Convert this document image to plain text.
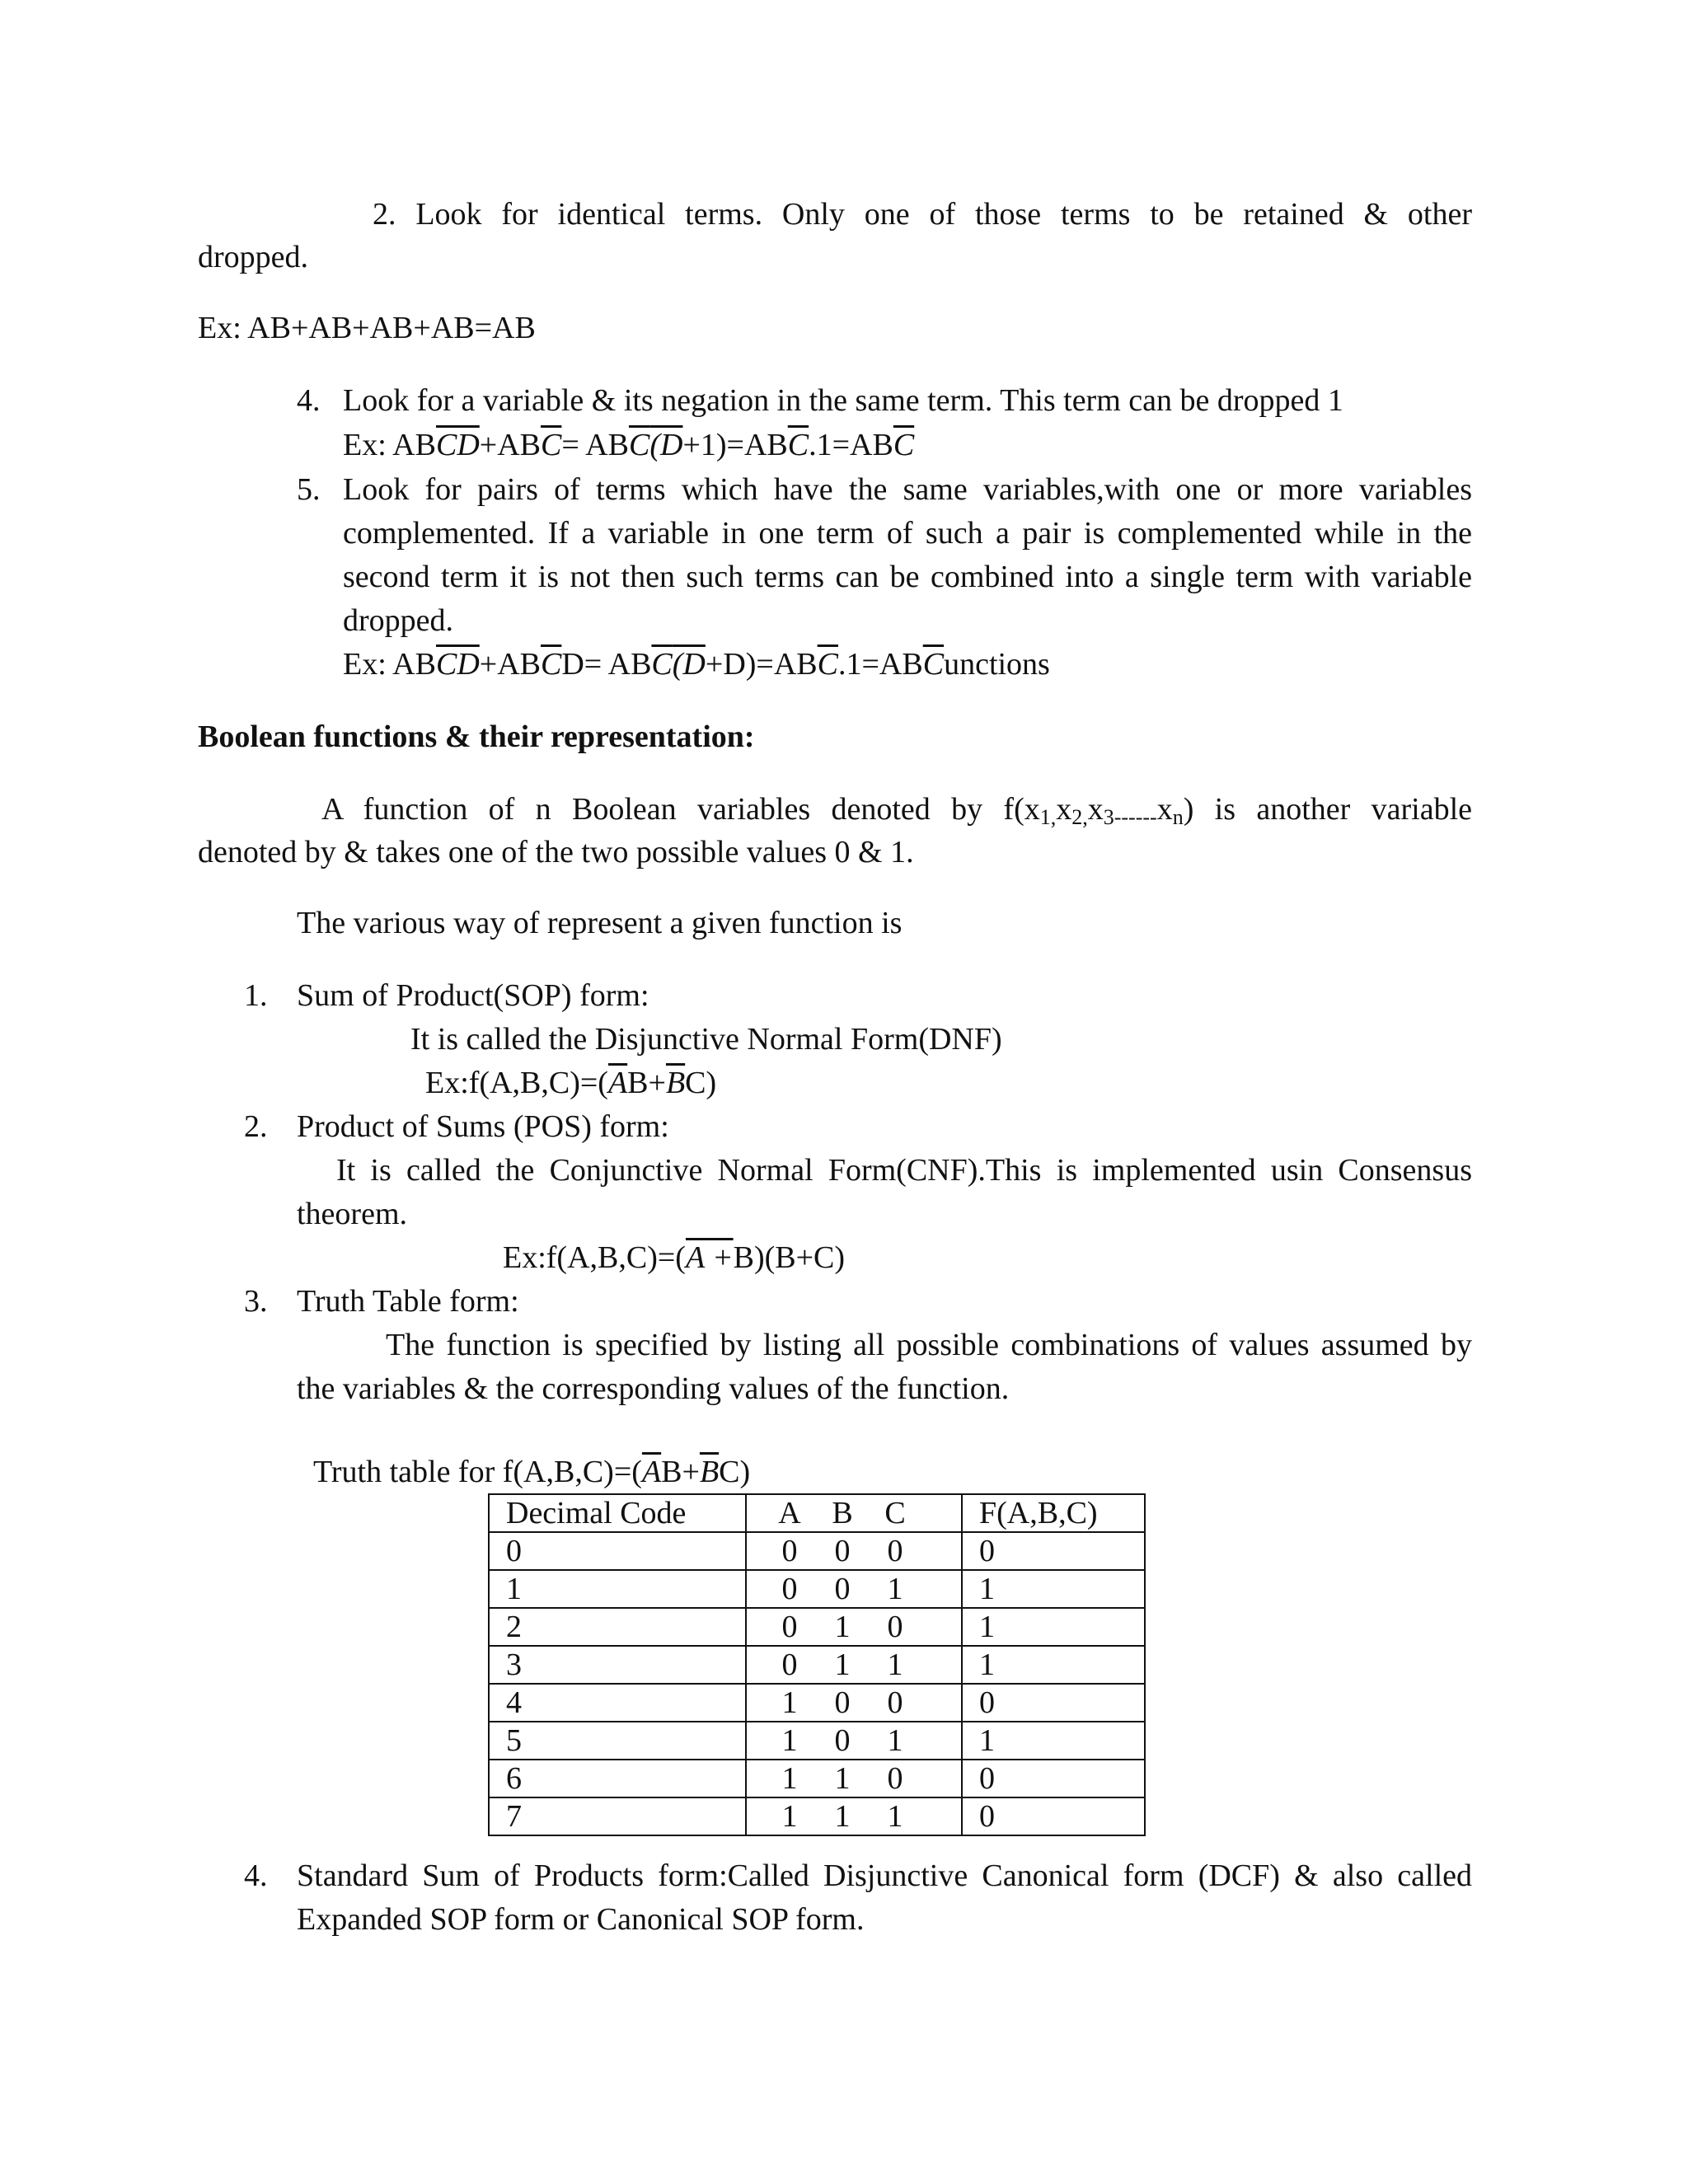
2. Look for identical terms. Only one of those terms to be retained & other
dropped.
Ex: AB+AB+AB+AB=AB
4. Look for a variable & its negation in the same term. This term can be dropped 1
Ex: $AB\overline{CD}+AB\overline{C}= AB\overline{C}(D+1)=AB\overline{C}.1=AB\overline{C}$
5. Look for pairs of terms which have the same variables,with one or more variables
complemented. If a variable in one term of such a pair is complemented while in the
second term it is not then such terms can be combined into a single term with variable
dropped.
Ex: $AB\overline{CD}+AB\overline{C}D=$ $AB\overline{C}(D+D)=AB\overline{C}.1=AB\overline{C}unctions$
Boolean functions & their representation:
A function of n Boolean variables denoted by $f(x_{1,}x_{2,}x_{3------}x_n)$ is another variable
denoted by & takes one of the two possible values 0 & 1.
The various way of represent a given function is
1. Sum of Product(SOP) form:
It is called the Disjunctive Normal Form(DNF)
$Ex:f(A,B,C)=(\overline{A}B+\overline{B}C)$
2. Product of Sums (POS) form:
It is called the Conjunctive Normal Form(CNF).This is implemented usin Consensus
theorem.
Ex:f(A,B,C)=(A +B)(B+C)
3. Truth Table form:
The function is specified by listing all possible combinations of values assumed by
the variables & the corresponding values of the function.
Truth table for $f(A,B,C)=(\overline{A}B+\overline{B}C)$
Decimal Code	A B C	F(A,B,C)
0	0 0 0	0
1	0 0 1	1
2	0 1 0	1
3	0 1 1	1
4	1 0 0	0
5	1 0 1	1
6	1 1 0	0
7	1 1 1	0
4. Standard Sum of Products form:Called Disjunctive Canonical form (DCF) & also called
Expanded SOP form or Canonical SOP form.
